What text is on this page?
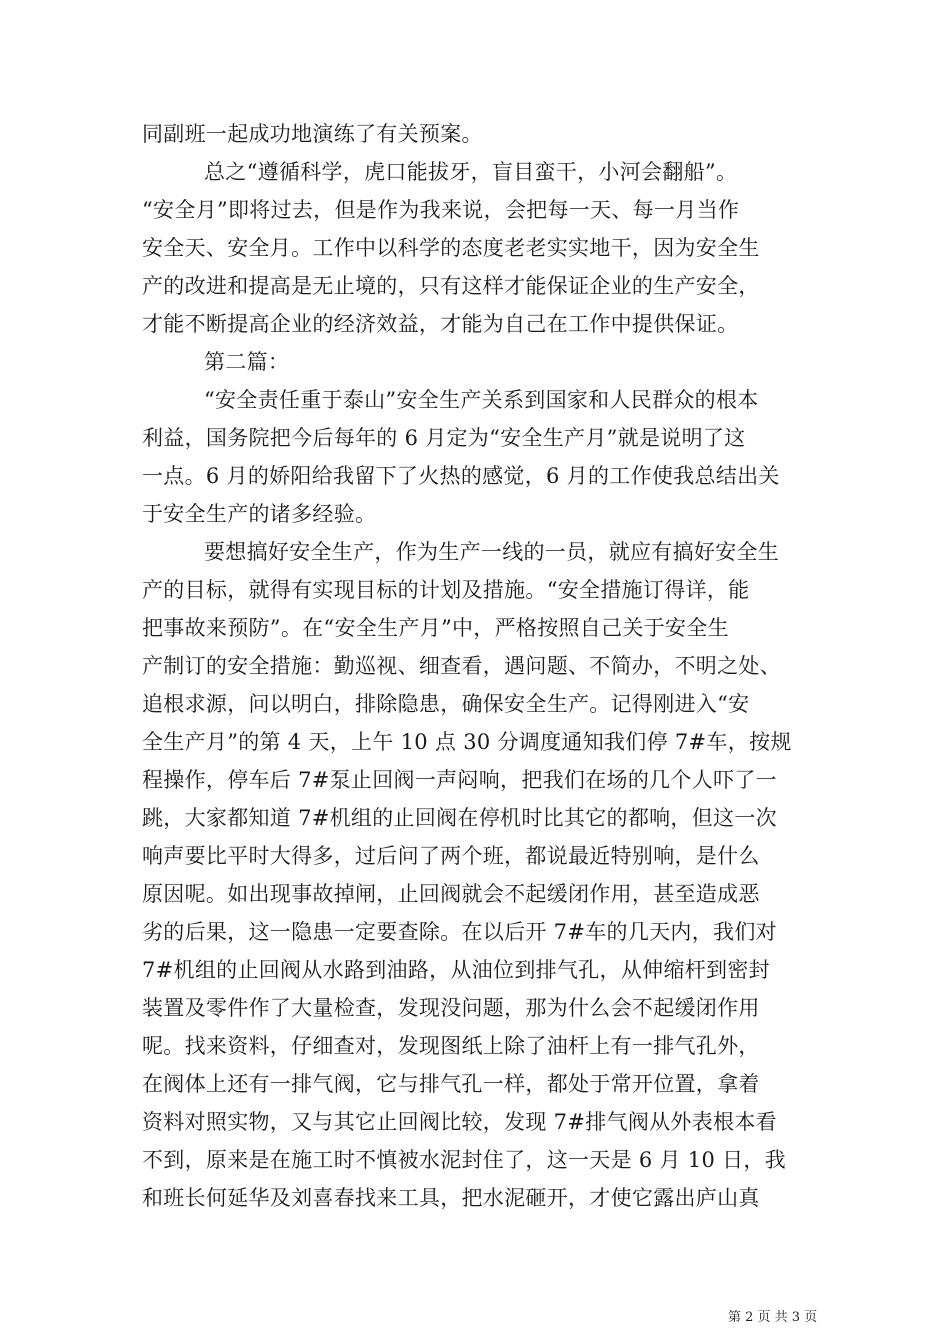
同副班一起成功地演练了有关预案。
总之“遵循科学，虎口能拔牙，盲目蛮干，小河会翻船”。
“安全月”即将过去，但是作为我来说，会把每一天、每一月当作
安全天、安全月。工作中以科学的态度老老实实地干，因为安全生
产的改进和提高是无止境的，只有这样才能保证企业的生产安全，
才能不断提高企业的经济效益，才能为自己在工作中提供保证。
第二篇：
“安全责任重于泰山”安全生产关系到国家和人民群众的根本
利益，国务院把今后每年的 6 月定为“安全生产月”就是说明了这
一点。6 月的娇阳给我留下了火热的感觉，6 月的工作使我总结出关
于安全生产的诸多经验。
要想搞好安全生产，作为生产一线的一员，就应有搞好安全生
产的目标，就得有实现目标的计划及措施。“安全措施订得详，能
把事故来预防”。在“安全生产月”中，严格按照自己关于安全生
产制订的安全措施：勤巡视、细查看，遇问题、不简办，不明之处、
追根求源，问以明白，排除隐患，确保安全生产。记得刚进入“安
全生产月”的第 4 天，上午 10 点 30 分调度通知我们停 7#车，按规
程操作，停车后 7#泵止回阀一声闷响，把我们在场的几个人吓了一
跳，大家都知道 7#机组的止回阀在停机时比其它的都响，但这一次
响声要比平时大得多，过后问了两个班，都说最近特别响，是什么
原因呢。如出现事故掉闸，止回阀就会不起缓闭作用，甚至造成恶
劣的后果，这一隐患一定要查除。在以后开 7#车的几天内，我们对
7#机组的止回阀从水路到油路，从油位到排气孔，从伸缩杆到密封
装置及零件作了大量检查，发现没问题，那为什么会不起缓闭作用
呢。找来资料，仔细查对，发现图纸上除了油杆上有一排气孔外，
在阀体上还有一排气阀，它与排气孔一样，都处于常开位置，拿着
资料对照实物，又与其它止回阀比较，发现 7#排气阀从外表根本看
不到，原来是在施工时不慎被水泥封住了，这一天是 6 月 10 日，我
和班长何延华及刘喜春找来工具，把水泥砸开，才使它露出庐山真
第 2 页 共 3 页
